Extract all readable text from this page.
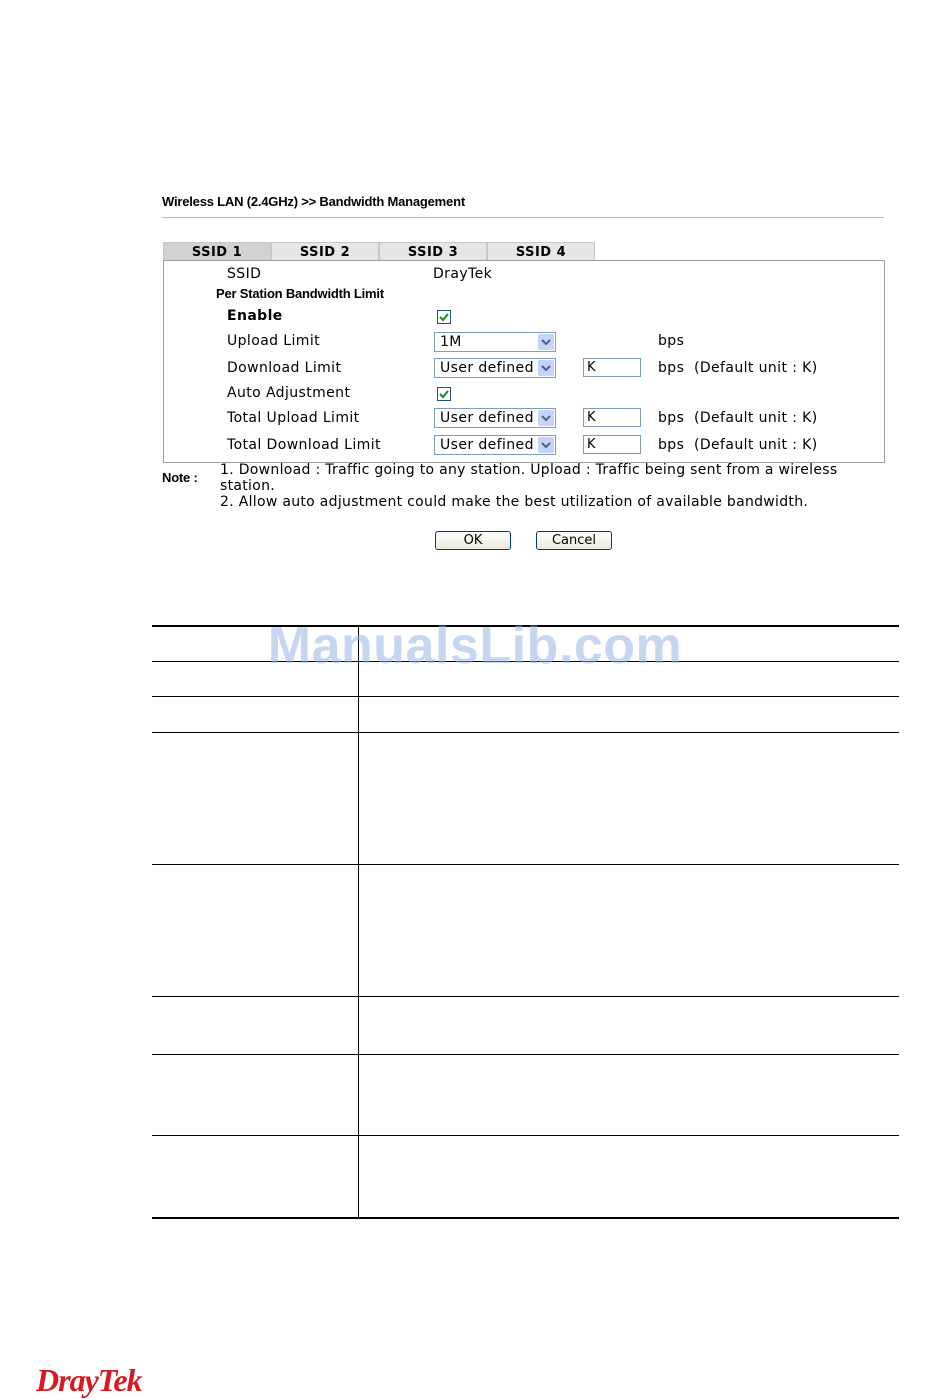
Wireless LAN (2.4GHz) >> Bandwidth Management
SSID 1	SSID 2	SSID 3	SSID 4
SSID	DrayTek
Per Station Bandwidth Limit
Enable
Upload Limit	1M	bps
Download Limit	User defined	K	bps  (Default unit : K)
Auto Adjustment
Total Upload Limit	User defined	K	bps  (Default unit : K)
Total Download Limit	User defined	K	bps  (Default unit : K)
Note : 1. Download : Traffic going to any station. Upload : Traffic being sent from a wireless
station.
2. Allow auto adjustment could make the best utilization of available bandwidth.
OK	Cancel
ManualsLib.com
DrayTek
